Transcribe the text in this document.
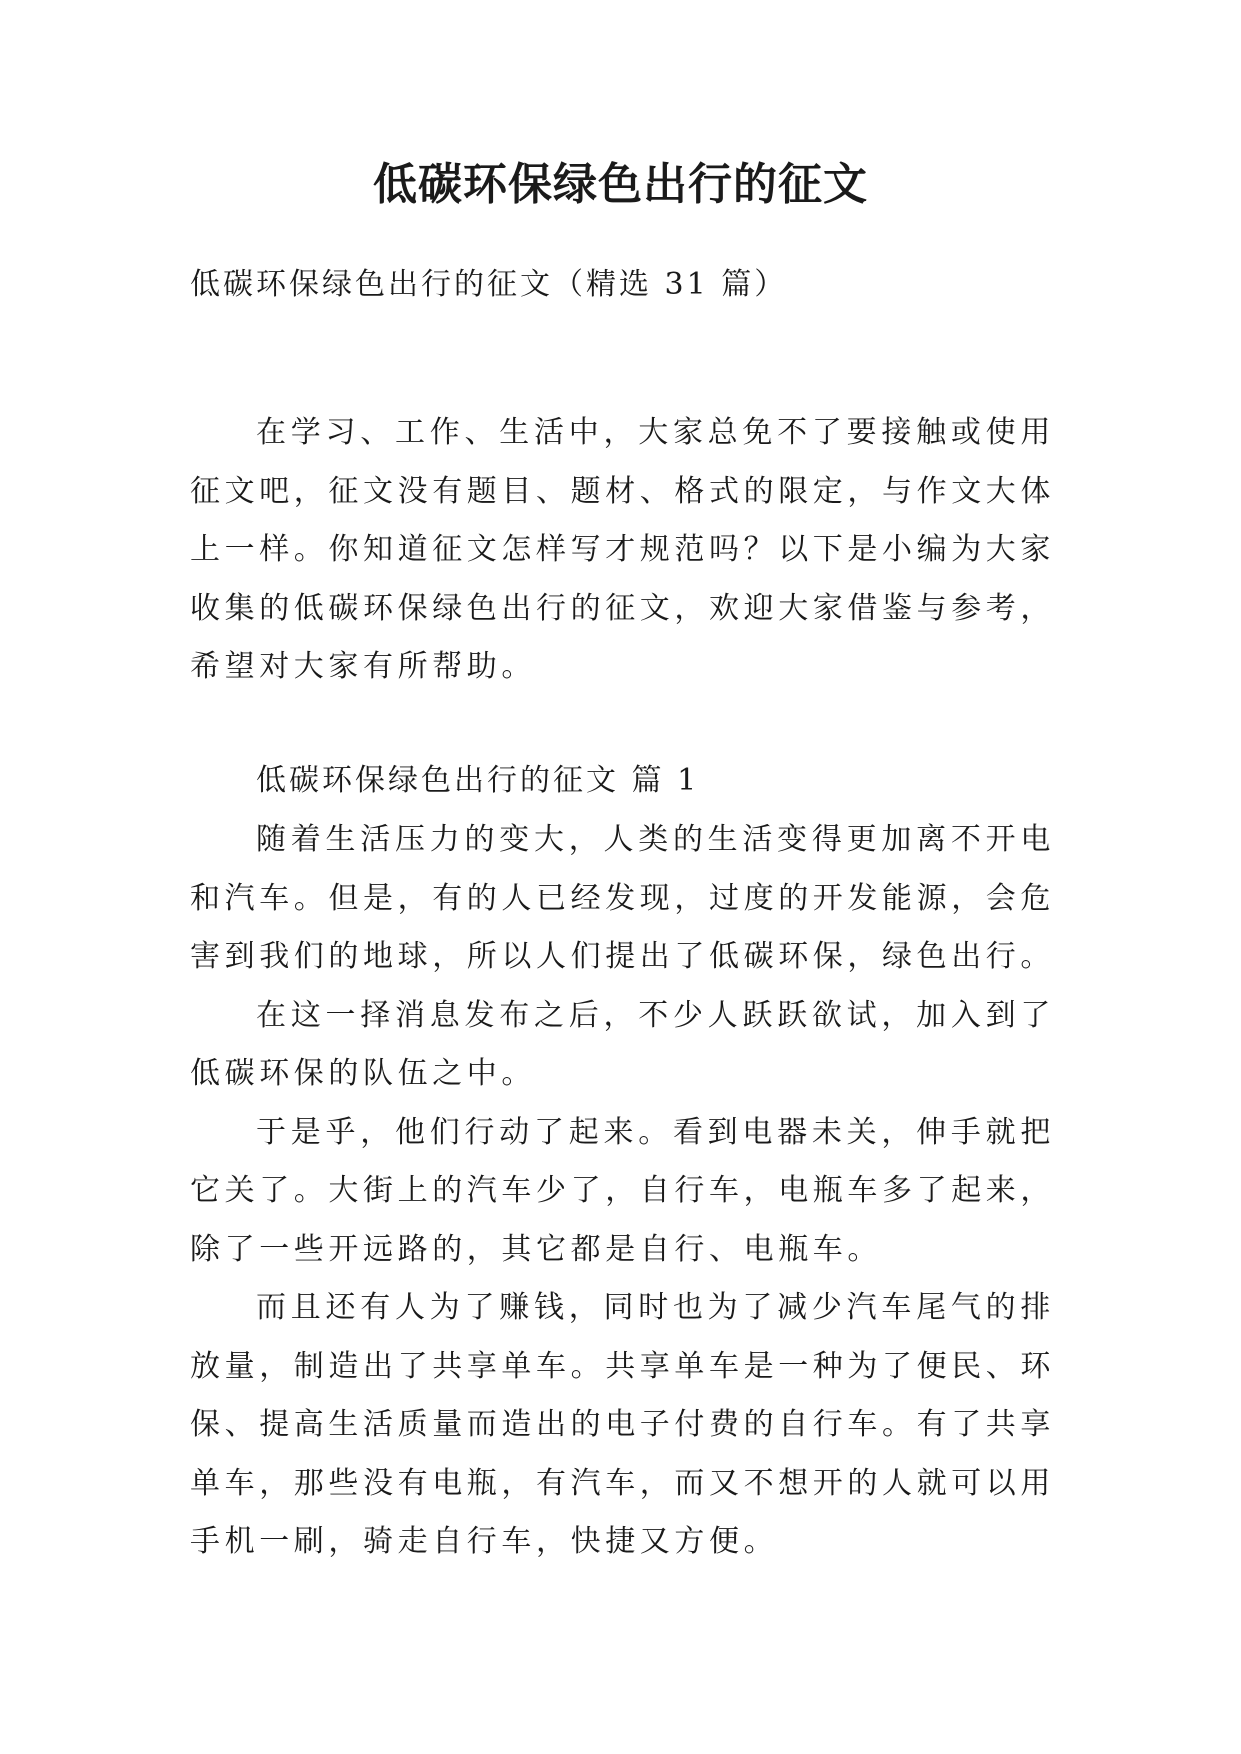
低碳环保绿色出行的征文

低碳环保绿色出行的征文（精选 31 篇）

在学习、工作、生活中，大家总免不了要接触或使用征文吧，征文没有题目、题材、格式的限定，与作文大体上一样。你知道征文怎样写才规范吗？以下是小编为大家收集的低碳环保绿色出行的征文，欢迎大家借鉴与参考，希望对大家有所帮助。

低碳环保绿色出行的征文 篇 1

随着生活压力的变大，人类的生活变得更加离不开电和汽车。但是，有的人已经发现，过度的开发能源，会危害到我们的地球，所以人们提出了低碳环保，绿色出行。

在这一择消息发布之后，不少人跃跃欲试，加入到了低碳环保的队伍之中。

于是乎，他们行动了起来。看到电器未关，伸手就把它关了。大街上的汽车少了，自行车，电瓶车多了起来，除了一些开远路的，其它都是自行、电瓶车。

而且还有人为了赚钱，同时也为了减少汽车尾气的排放量，制造出了共享单车。共享单车是一种为了便民、环保、提高生活质量而造出的电子付费的自行车。有了共享单车，那些没有电瓶，有汽车，而又不想开的人就可以用手机一刷，骑走自行车，快捷又方便。
